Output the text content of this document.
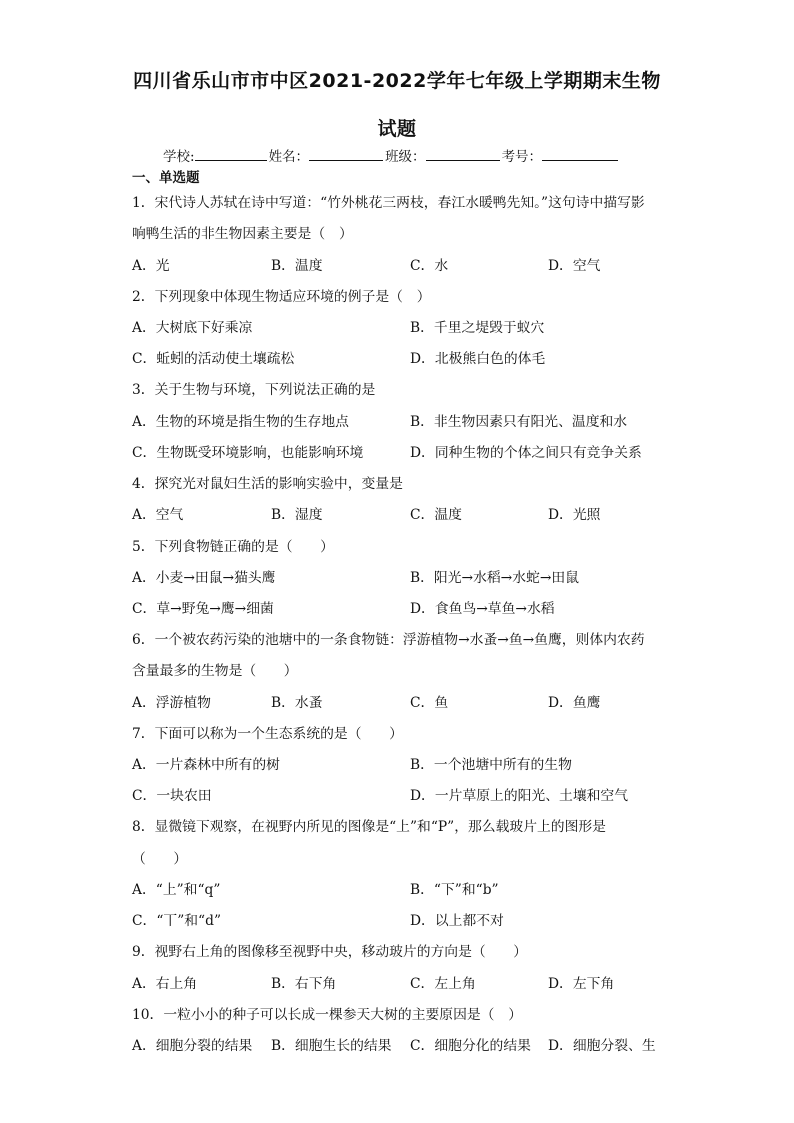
四川省乐山市市中区2021-2022学年七年级上学期期末生物
试题
学校:	姓名：	班级：	考号：
一、单选题
1．宋代诗人苏轼在诗中写道：“竹外桃花三两枝，春江水暖鸭先知。”这句诗中描写影
响鸭生活的非生物因素主要是（　）
A．光	B．温度	C．水	D．空气
2．下列现象中体现生物适应环境的例子是（　）
A．大树底下好乘凉	B．千里之堤毁于蚁穴
C．蚯蚓的活动使土壤疏松	D．北极熊白色的体毛
3．关于生物与环境，下列说法正确的是
A．生物的环境是指生物的生存地点	B．非生物因素只有阳光、温度和水
C．生物既受环境影响，也能影响环境	D．同种生物的个体之间只有竞争关系
4．探究光对鼠妇生活的影响实验中，变量是
A．空气	B．湿度	C．温度	D．光照
5．下列食物链正确的是（　　）
A．小麦→田鼠→猫头鹰	B．阳光→水稻→水蛇→田鼠
C．草→野兔→鹰→细菌	D．食鱼鸟→草鱼→水稻
6．一个被农药污染的池塘中的一条食物链：浮游植物→水蚤→鱼→鱼鹰，则体内农药
含量最多的生物是（　　）
A．浮游植物	B．水蚤	C．鱼	D．鱼鹰
7．下面可以称为一个生态系统的是（　　）
A．一片森林中所有的树	B．一个池塘中所有的生物
C．一块农田	D．一片草原上的阳光、土壤和空气
8．显微镜下观察，在视野内所见的图像是“上”和“P”，那么载玻片上的图形是
（　　）
A．“上”和“q”	B．“下”和“b”
C．“丅”和“d”	D．以上都不对
9．视野右上角的图像移至视野中央，移动玻片的方向是（　　）
A．右上角	B．右下角	C．左上角	D．左下角
10．一粒小小的种子可以长成一棵参天大树的主要原因是（　）
A．细胞分裂的结果 B．细胞生长的结果 C．细胞分化的结果 D．细胞分裂、生
